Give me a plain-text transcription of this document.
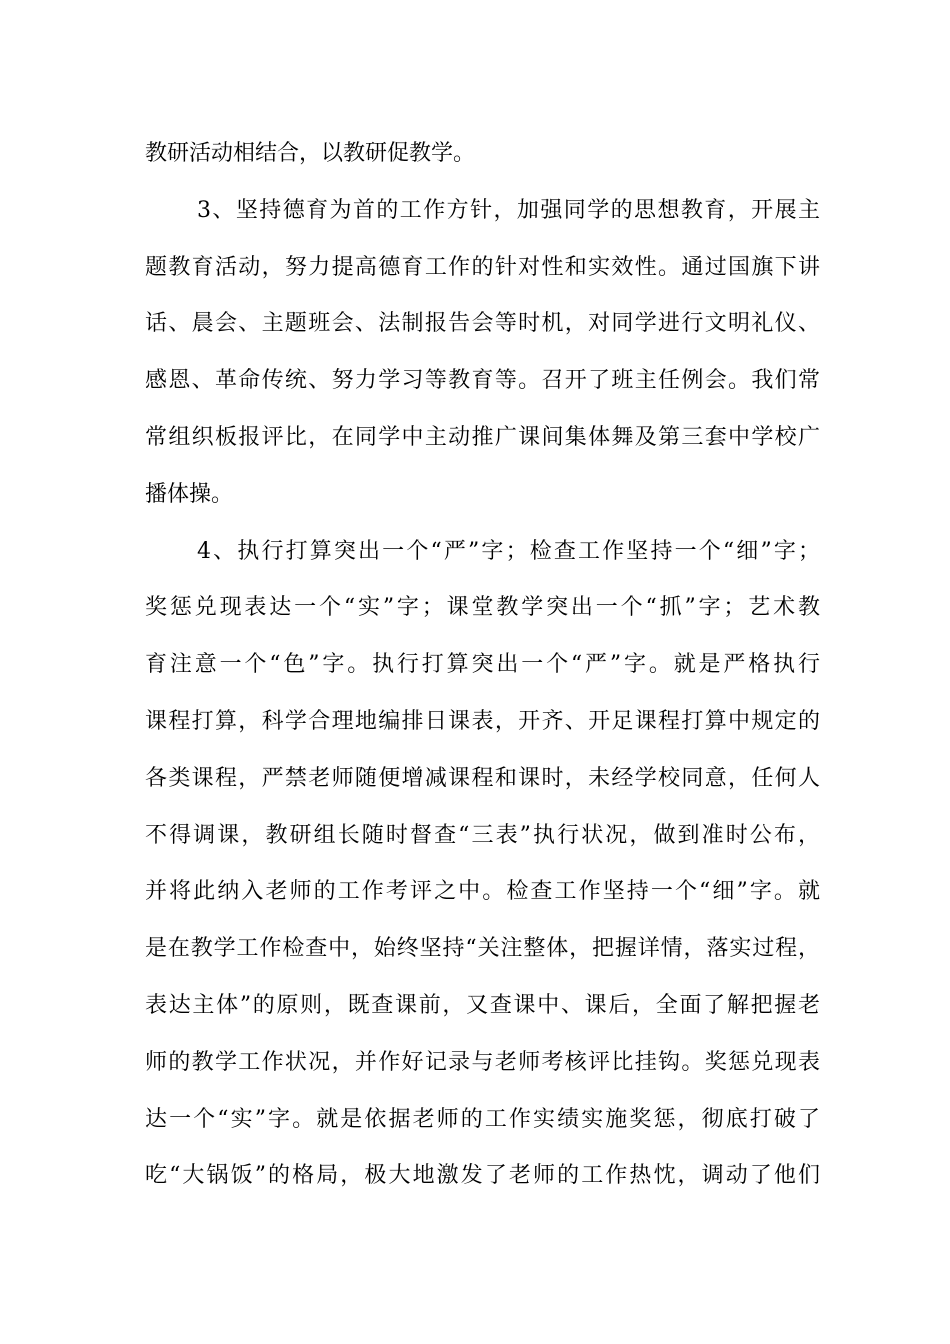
教研活动相结合，以教研促教学。
3、坚持德育为首的工作方针，加强同学的思想教育，开展主
题教育活动，努力提高德育工作的针对性和实效性。通过国旗下讲
话、晨会、主题班会、法制报告会等时机，对同学进行文明礼仪、
感恩、革命传统、努力学习等教育等。召开了班主任例会。我们常
常组织板报评比，在同学中主动推广课间集体舞及第三套中学校广
播体操。
4、执行打算突出一个“严”字；检查工作坚持一个“细”字；
奖惩兑现表达一个“实”字；课堂教学突出一个“抓”字；艺术教
育注意一个“色”字。执行打算突出一个“严”字。就是严格执行
课程打算，科学合理地编排日课表，开齐、开足课程打算中规定的
各类课程，严禁老师随便增减课程和课时，未经学校同意，任何人
不得调课，教研组长随时督查“三表”执行状况，做到准时公布，
并将此纳入老师的工作考评之中。检查工作坚持一个“细”字。就
是在教学工作检查中，始终坚持“关注整体，把握详情，落实过程，
表达主体”的原则，既查课前，又查课中、课后，全面了解把握老
师的教学工作状况，并作好记录与老师考核评比挂钩。奖惩兑现表
达一个“实”字。就是依据老师的工作实绩实施奖惩，彻底打破了
吃“大锅饭”的格局，极大地激发了老师的工作热忱，调动了他们
